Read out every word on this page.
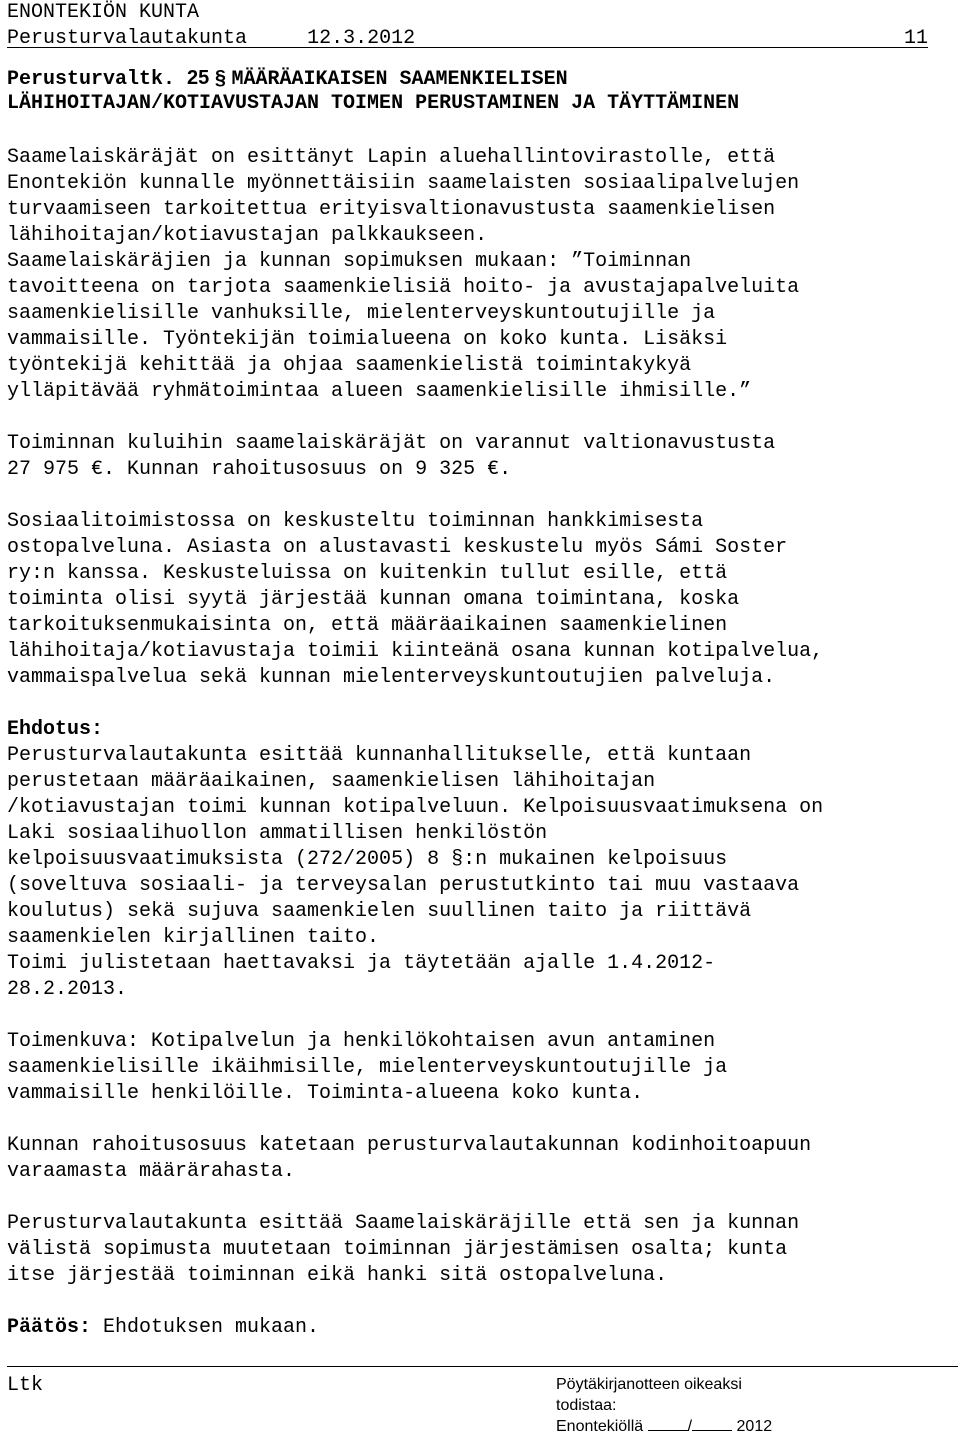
ENONTEKIÖN KUNTA
Perusturvalautakunta	12.3.2012	11
Perusturvaltk. 25 § MÄÄRÄAIKAISEN SAAMENKIELISEN
LÄHIHOITAJAN/KOTIAVUSTAJAN TOIMEN PERUSTAMINEN JA TÄYTTÄMINEN
Saamelaiskäräjät on esittänyt Lapin aluehallintovirastolle, että
Enontekiön kunnalle myönnettäisiin saamelaisten sosiaalipalvelujen
turvaamiseen tarkoitettua erityisvaltionavustusta saamenkielisen
lähihoitajan/kotiavustajan palkkaukseen.
Saamelaiskäräjien ja kunnan sopimuksen mukaan: ”Toiminnan
tavoitteena on tarjota saamenkielisiä hoito- ja avustajapalveluita
saamenkielisille vanhuksille, mielenterveyskuntoutujille ja
vammaisille. Työntekijän toimialueena on koko kunta. Lisäksi
työntekijä kehittää ja ohjaa saamenkielistä toimintakykyä
ylläpitävää ryhmätoimintaa alueen saamenkielisille ihmisille.”
Toiminnan kuluihin saamelaiskäräjät on varannut valtionavustusta
27 975 €. Kunnan rahoitusosuus on 9 325 €.
Sosiaalitoimistossa on keskusteltu toiminnan hankkimisesta
ostopalveluna. Asiasta on alustavasti keskustelu myös Sámi Soster
ry:n kanssa. Keskusteluissa on kuitenkin tullut esille, että
toiminta olisi syytä järjestää kunnan omana toimintana, koska
tarkoituksenmukaisinta on, että määräaikainen saamenkielinen
lähihoitaja/kotiavustaja toimii kiinteänä osana kunnan kotipalvelua,
vammaispalvelua sekä kunnan mielenterveyskuntoutujien palveluja.
Ehdotus:
Perusturvalautakunta esittää kunnanhallitukselle, että kuntaan
perustetaan määräaikainen, saamenkielisen lähihoitajan
/kotiavustajan toimi kunnan kotipalveluun. Kelpoisuusvaatimuksena on
Laki sosiaalihuollon ammatillisen henkilöstön
kelpoisuusvaatimuksista (272/2005) 8 §:n mukainen kelpoisuus
(soveltuva sosiaali- ja terveysalan perustutkinto tai muu vastaava
koulutus) sekä sujuva saamenkielen suullinen taito ja riittävä
saamenkielen kirjallinen taito.
Toimi julistetaan haettavaksi ja täytetään ajalle 1.4.2012-
28.2.2013.
Toimenkuva: Kotipalvelun ja henkilökohtaisen avun antaminen
saamenkielisille ikäihmisille, mielenterveyskuntoutujille ja
vammaisille henkilöille. Toiminta-alueena koko kunta.
Kunnan rahoitusosuus katetaan perusturvalautakunnan kodinhoitoapuun
varaamasta määrärahasta.
Perusturvalautakunta esittää Saamelaiskäräjille että sen ja kunnan
välistä sopimusta muutetaan toiminnan järjestämisen osalta; kunta
itse järjestää toiminnan eikä hanki sitä ostopalveluna.
Päätös: Ehdotuksen mukaan.
Ltk	Pöytäkirjanotteen oikeaksi
todistaa:
Enontekiöllä	/	2012
